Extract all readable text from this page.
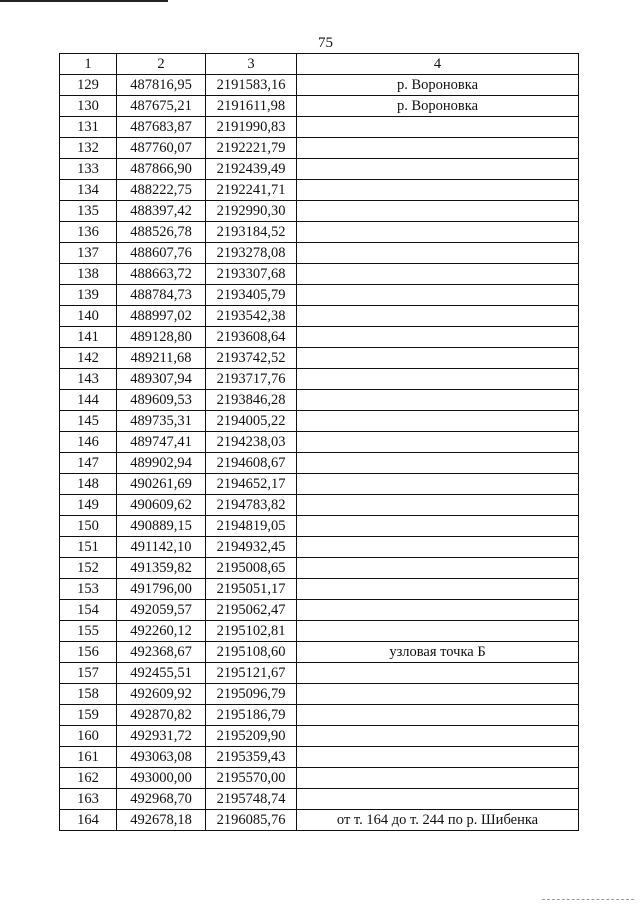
75
1	2	3	4
129	487816,95	2191583,16	р. Вороновка
130	487675,21	2191611,98	р. Вороновка
131	487683,87	2191990,83	
132	487760,07	2192221,79	
133	487866,90	2192439,49	
134	488222,75	2192241,71	
135	488397,42	2192990,30	
136	488526,78	2193184,52	
137	488607,76	2193278,08	
138	488663,72	2193307,68	
139	488784,73	2193405,79	
140	488997,02	2193542,38	
141	489128,80	2193608,64	
142	489211,68	2193742,52	
143	489307,94	2193717,76	
144	489609,53	2193846,28	
145	489735,31	2194005,22	
146	489747,41	2194238,03	
147	489902,94	2194608,67	
148	490261,69	2194652,17	
149	490609,62	2194783,82	
150	490889,15	2194819,05	
151	491142,10	2194932,45	
152	491359,82	2195008,65	
153	491796,00	2195051,17	
154	492059,57	2195062,47	
155	492260,12	2195102,81	
156	492368,67	2195108,60	узловая точка Б
157	492455,51	2195121,67	
158	492609,92	2195096,79	
159	492870,82	2195186,79	
160	492931,72	2195209,90	
161	493063,08	2195359,43	
162	493000,00	2195570,00	
163	492968,70	2195748,74	
164	492678,18	2196085,76	от т. 164 до т. 244 по р. Шибенка
